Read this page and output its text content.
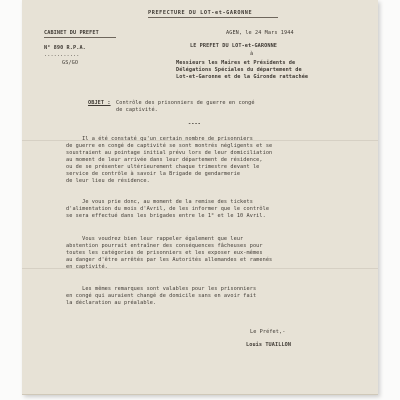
PREFECTURE DU LOT-et-GARONNE
CABINET DU PREFET
N° 890 R.P.A.
...........
GS/GO
AGEN, le 24 Mars 1944
LE PREFET DU LOT-et-GARONNE
à
Messieurs les Maires et Présidents de
Délégations Spéciales du département de
Lot-et-Garonne et de la Gironde rattachée
OBJET : Contrôle des prisonniers de guerre en congé
de captivité.
----
Il a été constaté qu'un certain nombre de prisonniers
de guerre en congé de captivité se sont montrés négligents et se
soustraient au pointage initial prévu lors de leur domiciliation
au moment de leur arrivée dans leur département de résidence,
ou de se présenter ultérieurement chaque trimestre devant le
service de contrôle à savoir la Brigade de gendarmerie
de leur lieu de résidence.
Je vous prie donc, au moment de la remise des tickets
d'alimentation du mois d'Avril, de les informer que le contrôle
se sera effectué dans les brigades entre le 1° et le 10 Avril.
Vous voudrez bien leur rappeler également que leur
abstention pourrait entraîner des conséquences fâcheuses pour
toutes les catégories de prisonniers et les exposer eux-mêmes
au danger d'être arrêtés par les Autorités allemandes et ramenés
en captivité.
Les mêmes remarques sont valables pour les prisonniers
en congé qui auraient changé de domicile sans en avoir fait
la déclaration au préalable.
Le Préfet,-
Louis TUAILLON
